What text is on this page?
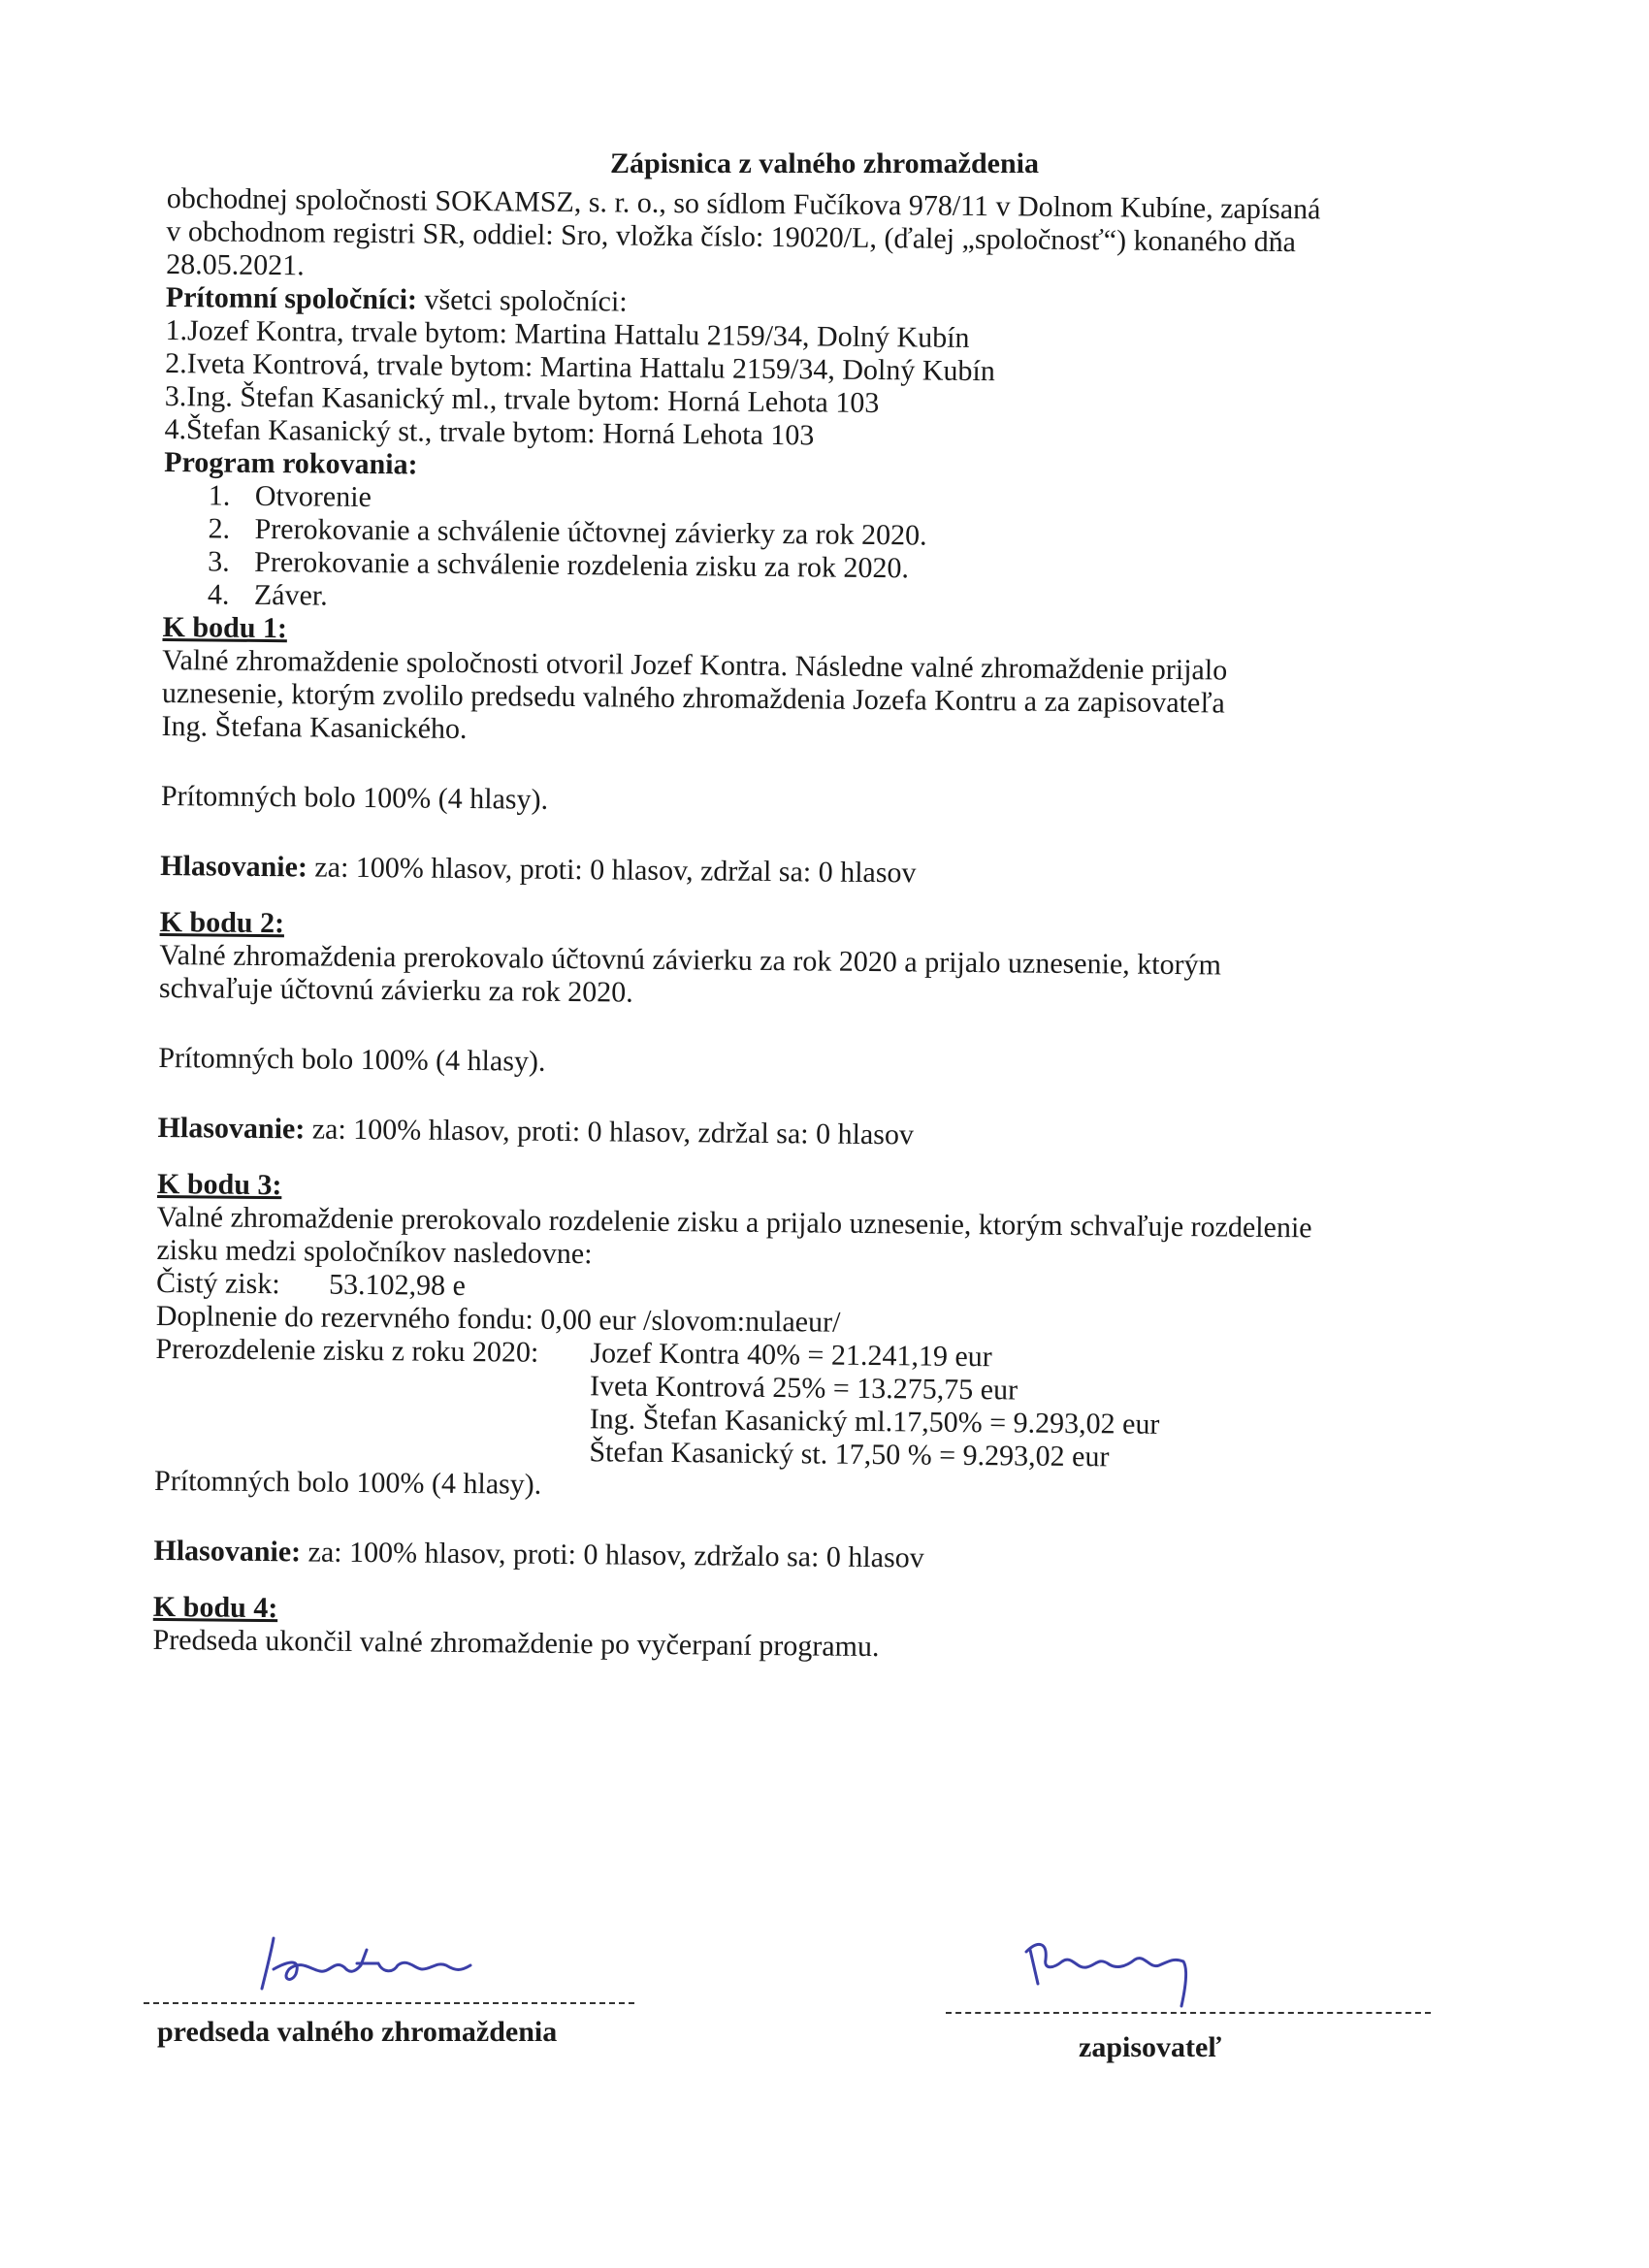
Zápisnica z valného zhromaždenia

obchodnej spoločnosti SOKAMSZ, s. r. o., so sídlom Fučíkova 978/11 v Dolnom Kubíne, zapísaná

v obchodnom registri SR, oddiel: Sro, vložka číslo: 19020/L, (ďalej „spoločnosť“) konaného dňa

28.05.2021.

Prítomní spoločníci: všetci spoločníci:

1.Jozef Kontra, trvale bytom: Martina Hattalu 2159/34, Dolný Kubín

2.Iveta Kontrová, trvale bytom: Martina Hattalu 2159/34, Dolný Kubín

3.Ing. Štefan Kasanický ml., trvale bytom: Horná Lehota 103

4.Štefan Kasanický st., trvale bytom: Horná Lehota 103

Program rokovania:

1. Otvorenie

2. Prerokovanie a schválenie účtovnej závierky za rok 2020.

3. Prerokovanie a schválenie rozdelenia zisku za rok 2020.

4. Záver.

K bodu 1:

Valné zhromaždenie spoločnosti otvoril Jozef Kontra. Následne valné zhromaždenie prijalo

uznesenie, ktorým zvolilo predsedu valného zhromaždenia Jozefa Kontru a za zapisovateľa

Ing. Štefana Kasanického.

Prítomných bolo 100% (4 hlasy).

Hlasovanie: za: 100% hlasov, proti: 0 hlasov, zdržal sa: 0 hlasov

K bodu 2:

Valné zhromaždenia prerokovalo účtovnú závierku za rok 2020 a prijalo uznesenie, ktorým

schvaľuje účtovnú závierku za rok 2020.

Prítomných bolo 100% (4 hlasy).

Hlasovanie: za: 100% hlasov, proti: 0 hlasov, zdržal sa: 0 hlasov

K bodu 3:

Valné zhromaždenie prerokovalo rozdelenie zisku a prijalo uznesenie, ktorým schvaľuje rozdelenie

zisku medzi spoločníkov nasledovne:

Čistý zisk: 53.102,98 e

Doplnenie do rezervného fondu: 0,00 eur /slovom:nulaeur/

Prerozdelenie zisku z roku 2020:	Jozef Kontra 40% = 21.241,19 eur

Iveta Kontrová 25% = 13.275,75 eur

Ing. Štefan Kasanický ml.17,50% = 9.293,02 eur

Štefan Kasanický st. 17,50 % = 9.293,02 eur

Prítomných bolo 100% (4 hlasy).

Hlasovanie: za: 100% hlasov, proti: 0 hlasov, zdržalo sa: 0 hlasov

K bodu 4:

Predseda ukončil valné zhromaždenie po vyčerpaní programu.

predseda valného zhromaždenia	zapisovateľ
